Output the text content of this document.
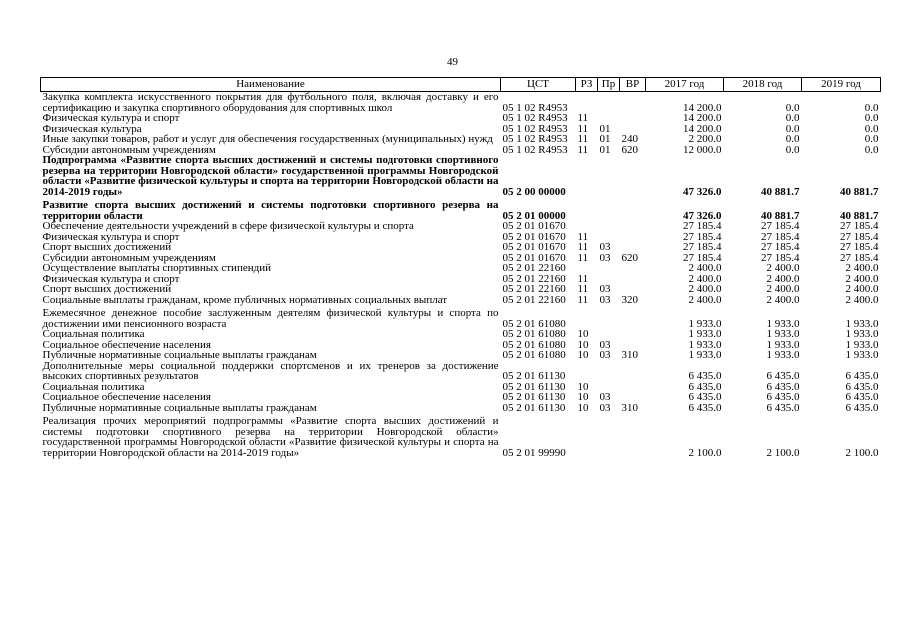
49
Наименование	ЦСТ	РЗ	Пр	ВР	2017 год	2018 год	2019 год
Закупка комплекта искусственного покрытия для футбольного поля, включая доставку и его сертификацию и закупка спортивного оборудования для спортивных школ	05 1 02 R4953				14 200.0	0.0	0.0
Физическая культура и спорт	05 1 02 R4953	11			14 200.0	0.0	0.0
Физическая культура	05 1 02 R4953	11	01		14 200.0	0.0	0.0
Иные закупки товаров, работ и услуг для обеспечения государственных (муниципальных) нужд	05 1 02 R4953	11	01	240	2 200.0	0.0	0.0
Субсидии автономным учреждениям	05 1 02 R4953	11	01	620	12 000.0	0.0	0.0
Подпрограмма «Развитие спорта высших достижений и системы подготовки спортивного резерва на территории Новгородской области» государственной программы Новгородской области «Развитие физической культуры и спорта на территории Новгородской области на 2014-2019 годы»	05 2 00 00000				47 326.0	40 881.7	40 881.7
Развитие спорта высших достижений и системы подготовки спортивного резерва на территории области	05 2 01 00000				47 326.0	40 881.7	40 881.7
Обеспечение деятельности учреждений в сфере физической культуры и спорта	05 2 01 01670				27 185.4	27 185.4	27 185.4
Физическая культура и спорт	05 2 01 01670	11			27 185.4	27 185.4	27 185.4
Спорт высших достижений	05 2 01 01670	11	03		27 185.4	27 185.4	27 185.4
Субсидии автономным учреждениям	05 2 01 01670	11	03	620	27 185.4	27 185.4	27 185.4
Осуществление выплаты спортивных стипендий	05 2 01 22160				2 400.0	2 400.0	2 400.0
Физическая культура и спорт	05 2 01 22160	11			2 400.0	2 400.0	2 400.0
Спорт высших достижений	05 2 01 22160	11	03		2 400.0	2 400.0	2 400.0
Социальные выплаты гражданам, кроме публичных нормативных социальных выплат	05 2 01 22160	11	03	320	2 400.0	2 400.0	2 400.0
Ежемесячное денежное пособие заслуженным деятелям физической культуры и спорта по достижении ими пенсионного возраста	05 2 01 61080				1 933.0	1 933.0	1 933.0
Социальная политика	05 2 01 61080	10			1 933.0	1 933.0	1 933.0
Социальное обеспечение населения	05 2 01 61080	10	03		1 933.0	1 933.0	1 933.0
Публичные нормативные социальные выплаты гражданам	05 2 01 61080	10	03	310	1 933.0	1 933.0	1 933.0
Дополнительные меры социальной поддержки спортсменов и их тренеров за достижение высоких спортивных результатов	05 2 01 61130				6 435.0	6 435.0	6 435.0
Социальная политика	05 2 01 61130	10			6 435.0	6 435.0	6 435.0
Социальное обеспечение населения	05 2 01 61130	10	03		6 435.0	6 435.0	6 435.0
Публичные нормативные социальные выплаты гражданам	05 2 01 61130	10	03	310	6 435.0	6 435.0	6 435.0
Реализация прочих мероприятий подпрограммы «Развитие спорта высших достижений и системы подготовки спортивного резерва на территории Новгородской области» государственной программы Новгородской области «Развитие физической культуры и спорта на территории Новгородской области на 2014-2019 годы»	05 2 01 99990				2 100.0	2 100.0	2 100.0
